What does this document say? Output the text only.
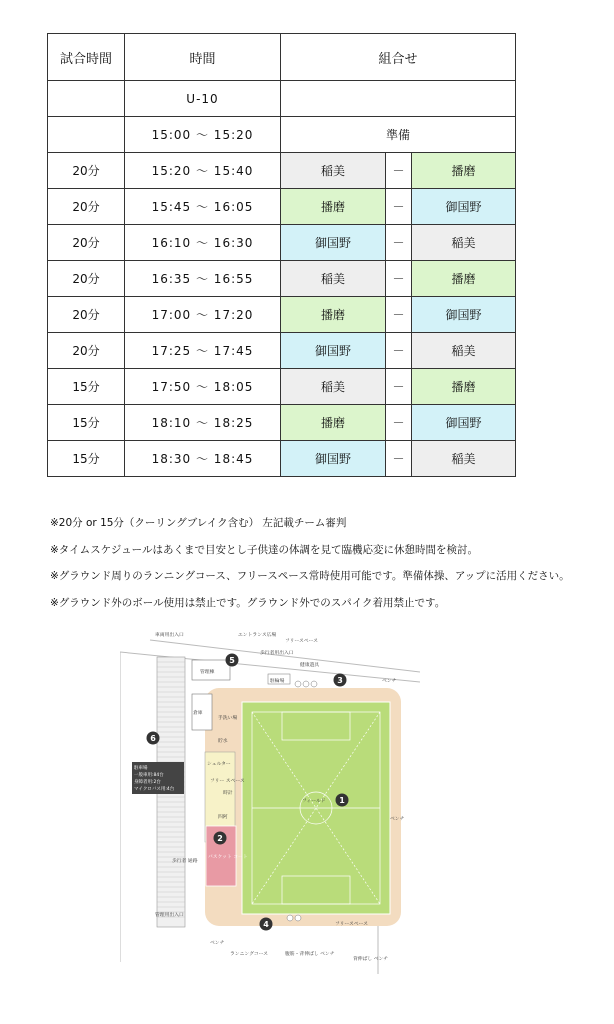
試合時間	時間	組合せ		
	U-10			
	15:00 ～ 15:20	準備		
20分	15:20 ～ 15:40	稲美	－	播磨
20分	15:45 ～ 16:05	播磨	－	御国野
20分	16:10 ～ 16:30	御国野	－	稲美
20分	16:35 ～ 16:55	稲美	－	播磨
20分	17:00 ～ 17:20	播磨	－	御国野
20分	17:25 ～ 17:45	御国野	－	稲美
15分	17:50 ～ 18:05	稲美	－	播磨
15分	18:10 ～ 18:25	播磨	－	御国野
15分	18:30 ～ 18:45	御国野	－	稲美
※20分 or 15分（クーリングブレイク含む） 左記載チーム審判
※タイムスケジュールはあくまで目安とし子供達の体調を見て臨機応変に休憩時間を検討。
※グラウンド周りのランニングコース、フリースペース常時使用可能です。準備体操、アップに活用ください。
※グラウンド外のボール使用は禁止です。グラウンド外でのスパイク着用禁止です。
駐車場 一般車用:84台 身障者用:2台 マイクロバス用:4台
車両用出入口	エントランス広場
フリースペース
歩行者用出入口
健康遊具
駐輪場	ベンチ
管理棟
倉庫
手洗い場
貯水
シェルター
フリー スペース
時計
四阿
バスケット コート
フィールド
ベンチ
歩行者 通路
管理用出入口
フリースペース
ベンチ
ランニングコース	腹筋・背伸ばし ベンチ
背伸ばし ベンチ
1
2
3
4
5
6
